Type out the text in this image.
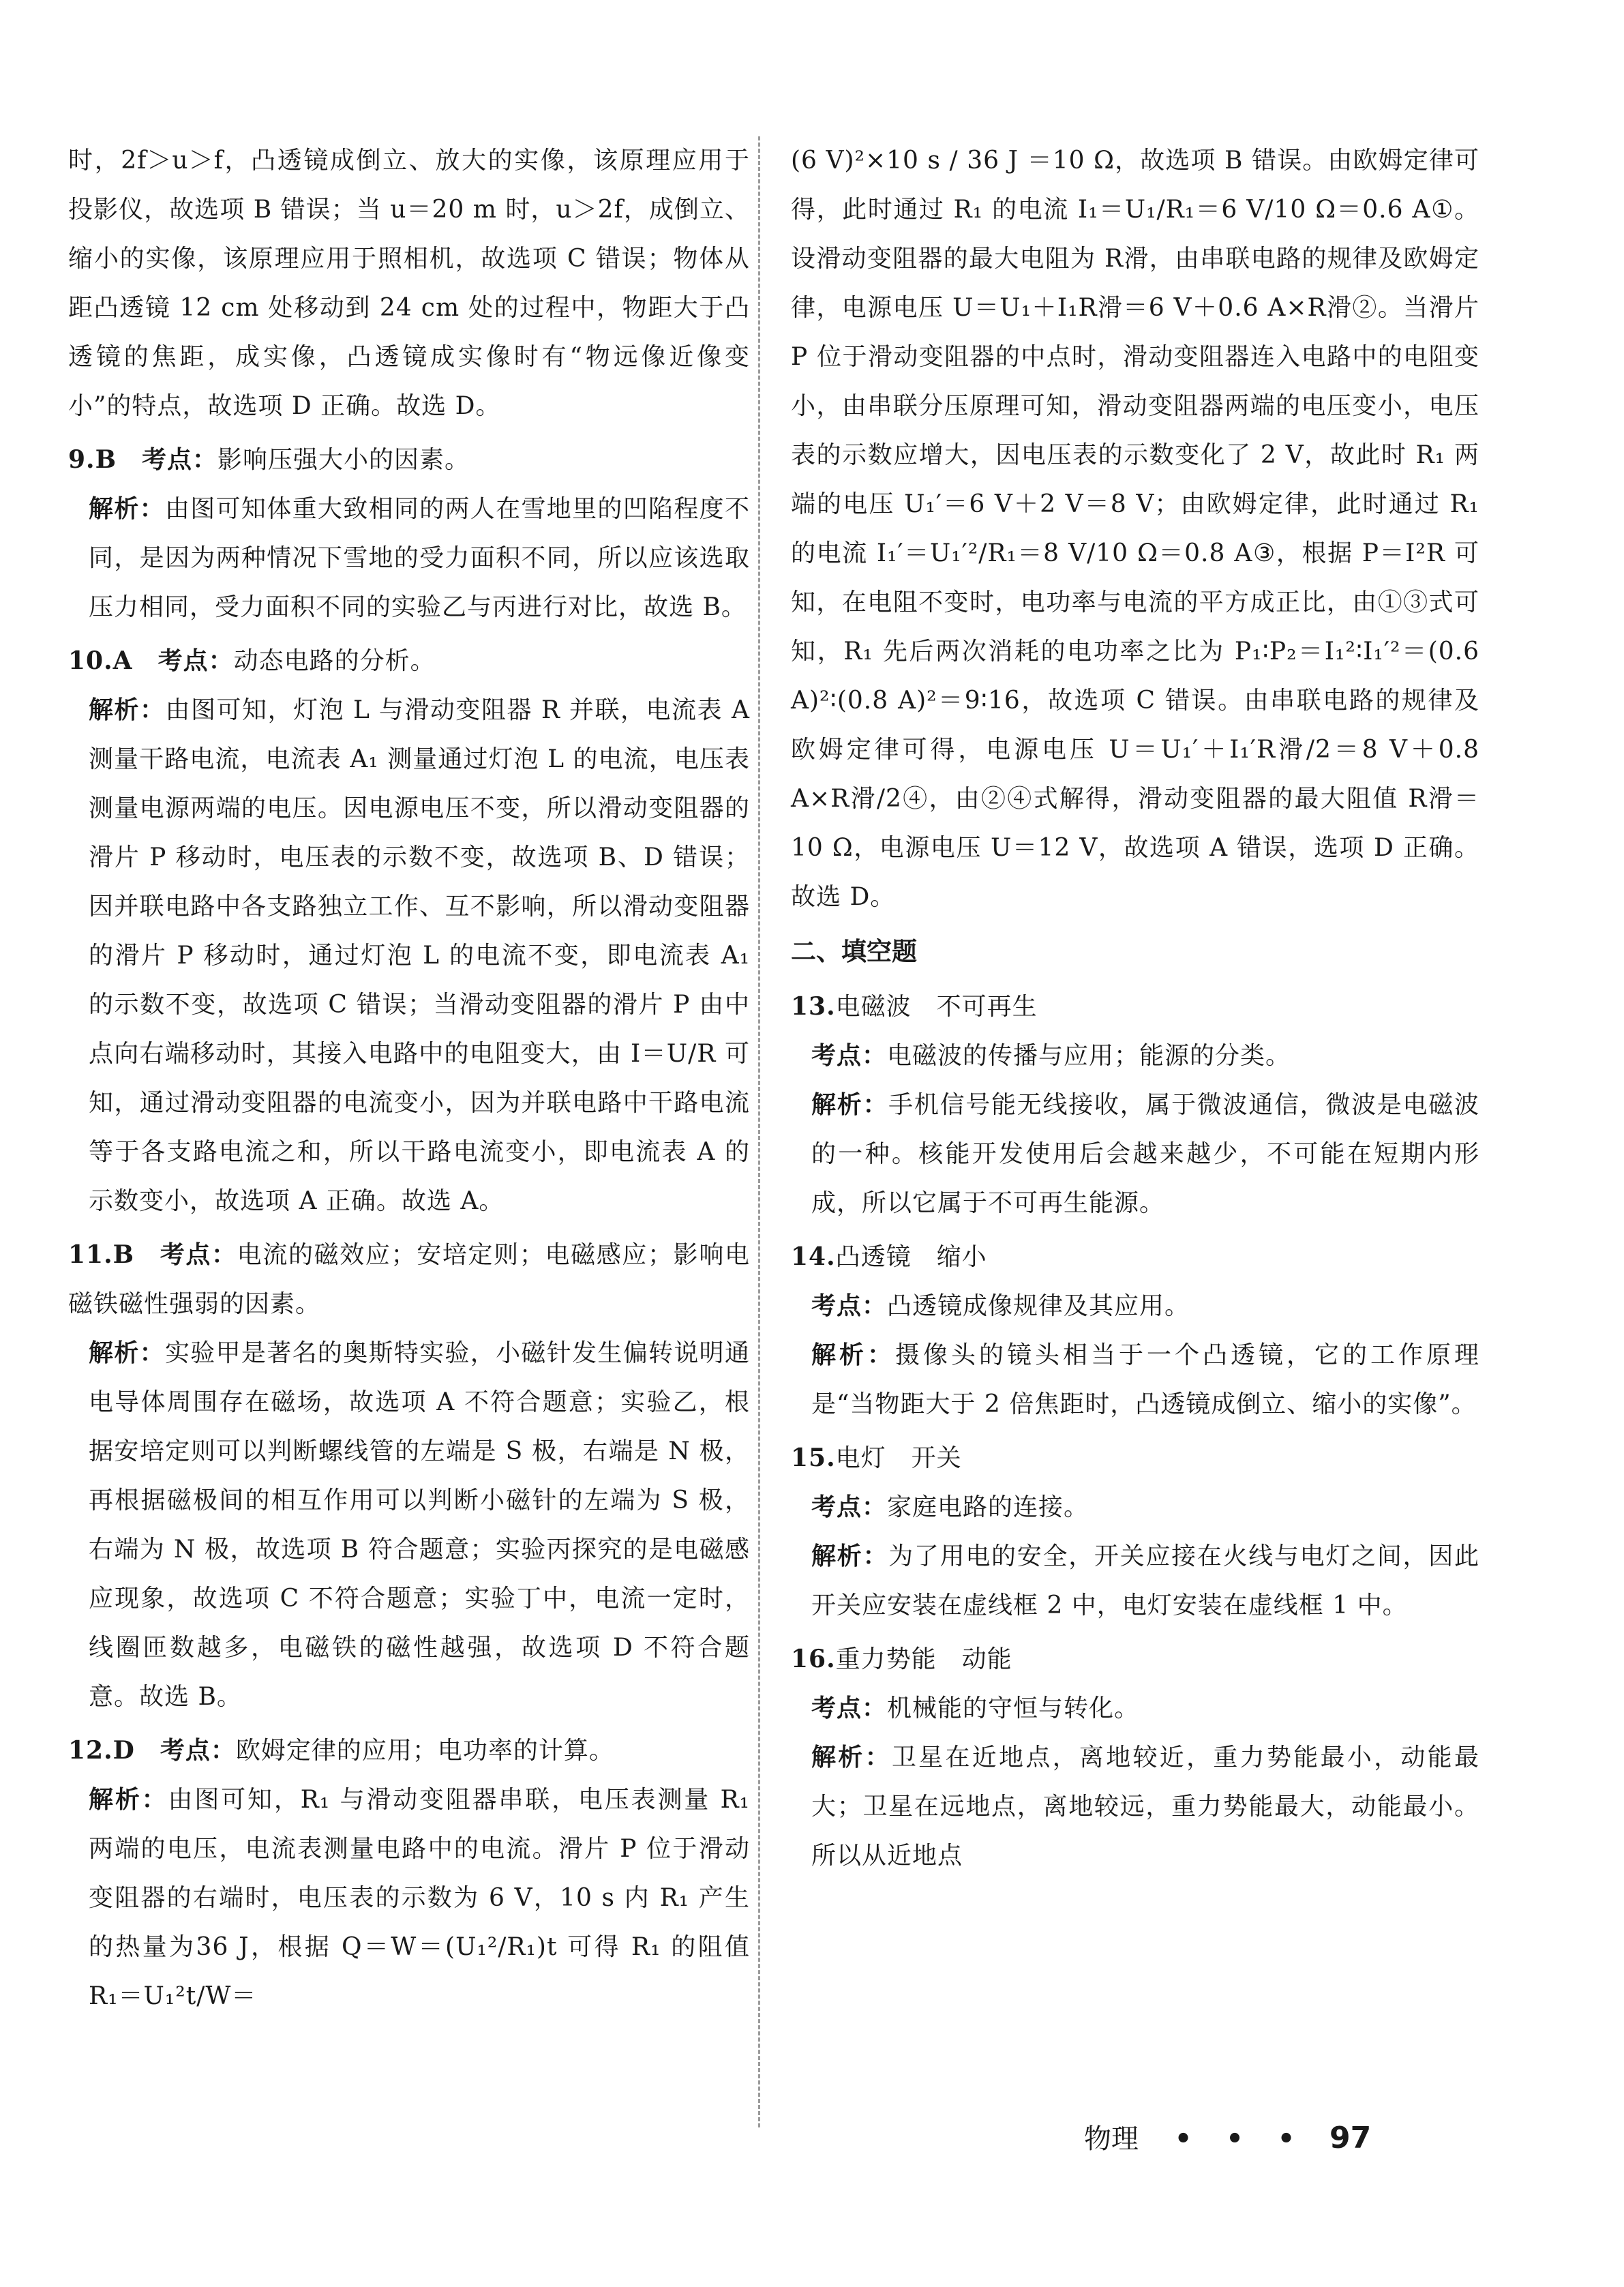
时，2f＞u＞f，凸透镜成倒立、放大的实像，该原理应用于投影仪，故选项 B 错误；当 u＝20 m 时，u＞2f，成倒立、缩小的实像，该原理应用于照相机，故选项 C 错误；物体从距凸透镜 12 cm 处移动到 24 cm 处的过程中，物距大于凸透镜的焦距，成实像，凸透镜成实像时有“物远像近像变小”的特点，故选项 D 正确。故选 D。

9.B  考点：影响压强大小的因素。

解析：由图可知体重大致相同的两人在雪地里的凹陷程度不同，是因为两种情况下雪地的受力面积不同，所以应该选取压力相同，受力面积不同的实验乙与丙进行对比，故选 B。

10.A  考点：动态电路的分析。

解析：由图可知，灯泡 L 与滑动变阻器 R 并联，电流表 A 测量干路电流，电流表 A₁ 测量通过灯泡 L 的电流，电压表测量电源两端的电压。因电源电压不变，所以滑动变阻器的滑片 P 移动时，电压表的示数不变，故选项 B、D 错误；因并联电路中各支路独立工作、互不影响，所以滑动变阻器的滑片 P 移动时，通过灯泡 L 的电流不变，即电流表 A₁ 的示数不变，故选项 C 错误；当滑动变阻器的滑片 P 由中点向右端移动时，其接入电路中的电阻变大，由 I＝U/R 可知，通过滑动变阻器的电流变小，因为并联电路中干路电流等于各支路电流之和，所以干路电流变小，即电流表 A 的示数变小，故选项 A 正确。故选 A。

11.B  考点：电流的磁效应；安培定则；电磁感应；影响电磁铁磁性强弱的因素。

解析：实验甲是著名的奥斯特实验，小磁针发生偏转说明通电导体周围存在磁场，故选项 A 不符合题意；实验乙，根据安培定则可以判断螺线管的左端是 S 极，右端是 N 极，再根据磁极间的相互作用可以判断小磁针的左端为 S 极，右端为 N 极，故选项 B 符合题意；实验丙探究的是电磁感应现象，故选项 C 不符合题意；实验丁中，电流一定时，线圈匝数越多，电磁铁的磁性越强，故选项 D 不符合题意。故选 B。

12.D  考点：欧姆定律的应用；电功率的计算。

解析：由图可知，R₁ 与滑动变阻器串联，电压表测量 R₁ 两端的电压，电流表测量电路中的电流。滑片 P 位于滑动变阻器的右端时，电压表的示数为 6 V，10 s 内 R₁ 产生的热量为36 J，根据 Q＝W＝(U₁²/R₁)t 可得 R₁ 的阻值 R₁＝U₁²t/W＝

(6 V)²×10 s / 36 J ＝10 Ω，故选项 B 错误。由欧姆定律可得，此时通过 R₁ 的电流 I₁＝U₁/R₁＝6 V/10 Ω＝0.6 A①。设滑动变阻器的最大电阻为 R滑，由串联电路的规律及欧姆定律，电源电压 U＝U₁＋I₁R滑＝6 V＋0.6 A×R滑②。当滑片 P 位于滑动变阻器的中点时，滑动变阻器连入电路中的电阻变小，由串联分压原理可知，滑动变阻器两端的电压变小，电压表的示数应增大，因电压表的示数变化了 2 V，故此时 R₁ 两端的电压 U₁′＝6 V＋2 V＝8 V；由欧姆定律，此时通过 R₁ 的电流 I₁′＝U₁′²/R₁＝8 V/10 Ω＝0.8 A③，根据 P＝I²R 可知，在电阻不变时，电功率与电流的平方成正比，由①③式可知，R₁ 先后两次消耗的电功率之比为 P₁∶P₂＝I₁²∶I₁′²＝(0.6 A)²∶(0.8 A)²＝9∶16，故选项 C 错误。由串联电路的规律及欧姆定律可得，电源电压 U＝U₁′＋I₁′R滑/2＝8 V＋0.8 A×R滑/2④，由②④式解得，滑动变阻器的最大阻值 R滑＝10 Ω，电源电压 U＝12 V，故选项 A 错误，选项 D 正确。故选 D。

二、填空题

13.电磁波　不可再生

考点：电磁波的传播与应用；能源的分类。

解析：手机信号能无线接收，属于微波通信，微波是电磁波的一种。核能开发使用后会越来越少，不可能在短期内形成，所以它属于不可再生能源。

14.凸透镜　缩小

考点：凸透镜成像规律及其应用。

解析：摄像头的镜头相当于一个凸透镜，它的工作原理是“当物距大于 2 倍焦距时，凸透镜成倒立、缩小的实像”。

15.电灯　开关

考点：家庭电路的连接。

解析：为了用电的安全，开关应接在火线与电灯之间，因此开关应安装在虚线框 2 中，电灯安装在虚线框 1 中。

16.重力势能　动能

考点：机械能的守恒与转化。

解析：卫星在近地点，离地较近，重力势能最小，动能最大；卫星在远地点，离地较远，重力势能最大，动能最小。所以从近地点

物理 • • • 97
